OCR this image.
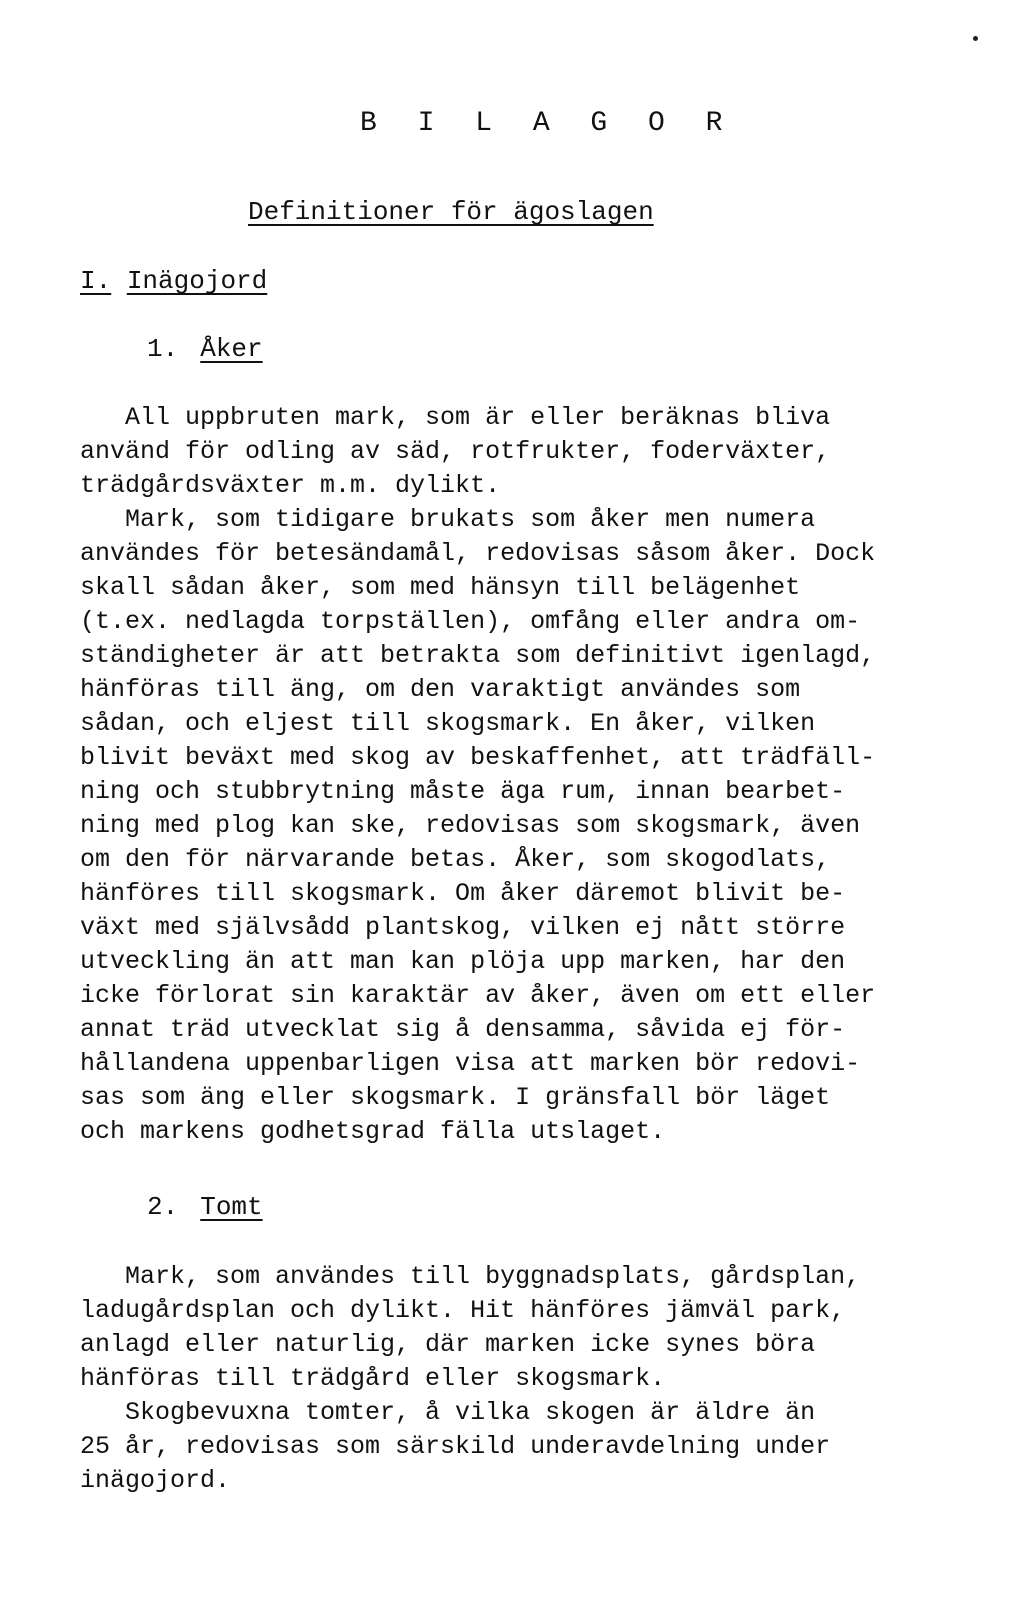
B I L A G O R
Definitioner för ägoslagen
I. Inägojord
1. Åker
All uppbruten mark, som är eller beräknas bliva
använd för odling av säd, rotfrukter, foderväxter,
trädgårdsväxter m.m. dylikt.
Mark, som tidigare brukats som åker men numera
användes för betesändamål, redovisas såsom åker. Dock
skall sådan åker, som med hänsyn till belägenhet
(t.ex. nedlagda torpställen), omfång eller andra om-
ständigheter är att betrakta som definitivt igenlagd,
hänföras till äng, om den varaktigt användes som
sådan, och eljest till skogsmark. En åker, vilken
blivit beväxt med skog av beskaffenhet, att trädfäll-
ning och stubbrytning måste äga rum, innan bearbet-
ning med plog kan ske, redovisas som skogsmark, även
om den för närvarande betas. Åker, som skogodlats,
hänföres till skogsmark. Om åker däremot blivit be-
växt med självsådd plantskog, vilken ej nått större
utveckling än att man kan plöja upp marken, har den
icke förlorat sin karaktär av åker, även om ett eller
annat träd utvecklat sig å densamma, såvida ej för-
hållandena uppenbarligen visa att marken bör redovi-
sas som äng eller skogsmark. I gränsfall bör läget
och markens godhetsgrad fälla utslaget.
2. Tomt
Mark, som användes till byggnadsplats, gårdsplan,
ladugårdsplan och dylikt. Hit hänföres jämväl park,
anlagd eller naturlig, där marken icke synes böra
hänföras till trädgård eller skogsmark.
Skogbevuxna tomter, å vilka skogen är äldre än
25 år, redovisas som särskild underavdelning under
inägojord.
